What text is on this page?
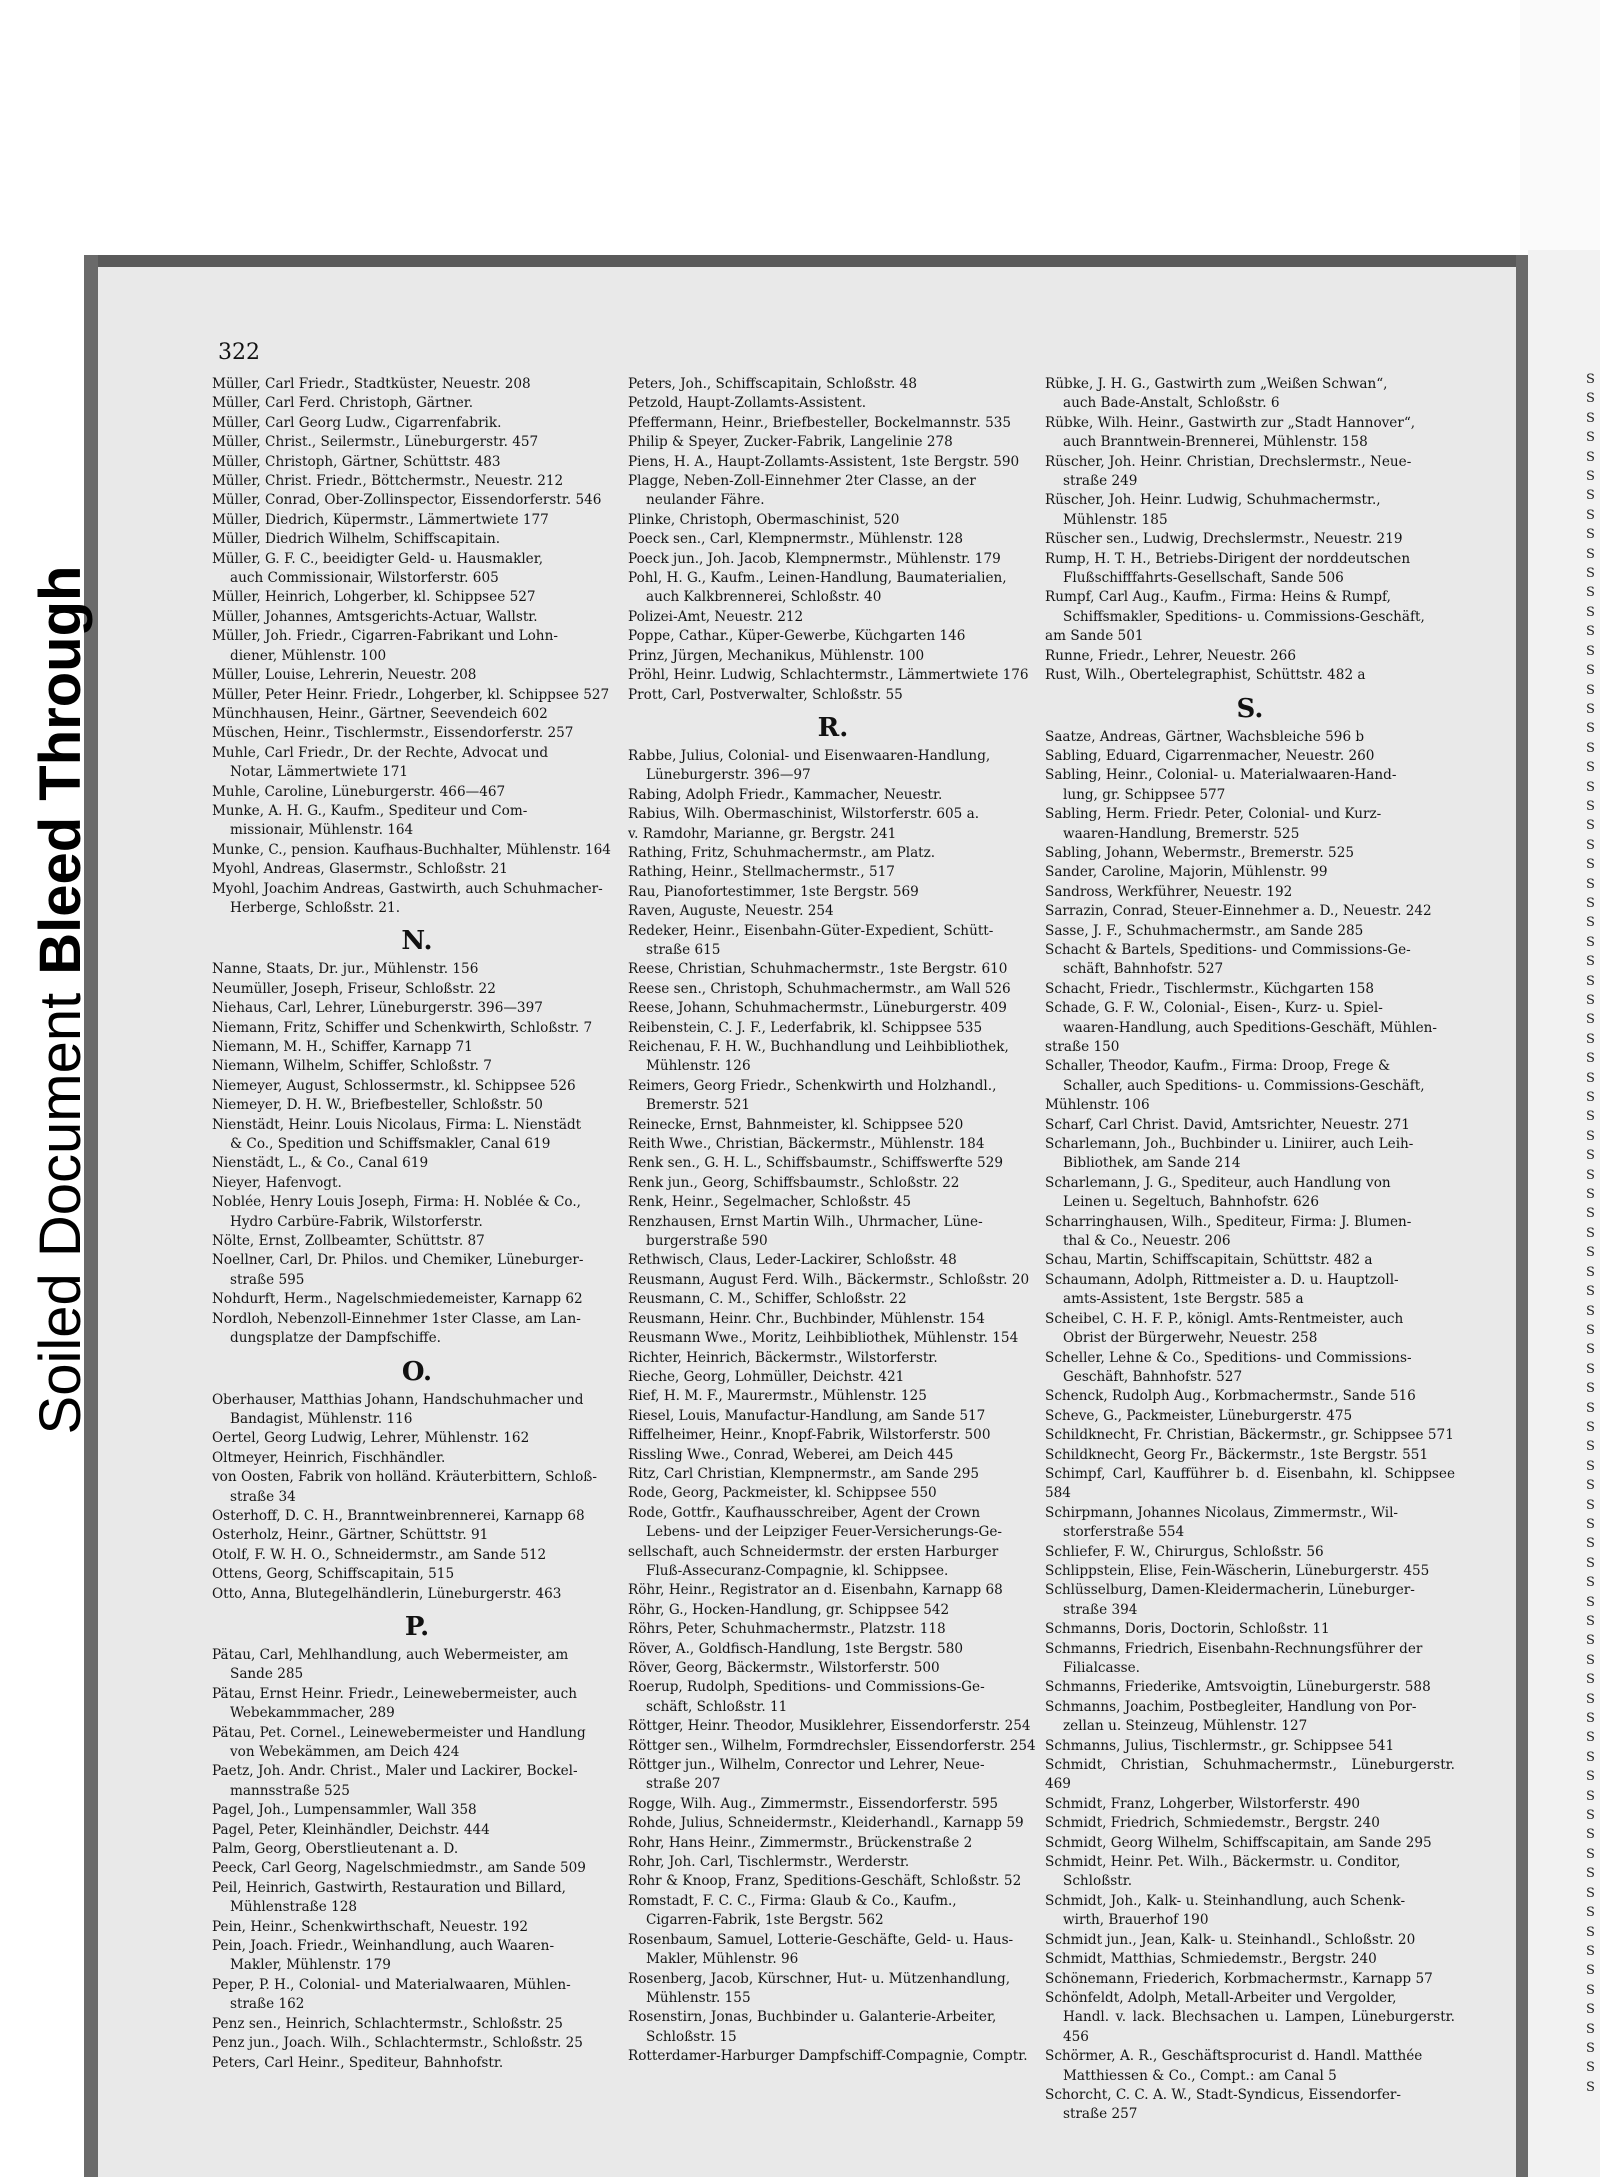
Soiled Document
Bleed Through
322

Müller, Carl Friedr., Stadtküster, Neuestr. 208

Müller, Carl Ferd. Christoph, Gärtner.

Müller, Carl Georg Ludw., Cigarrenfabrik.

Müller, Christ., Seilermstr., Lüneburgerstr. 457

Müller, Christoph, Gärtner, Schüttstr. 483

Müller, Christ. Friedr., Böttchermstr., Neuestr. 212

Müller, Conrad, Ober-Zollinspector, Eissendorferstr. 546

Müller, Diedrich, Küpermstr., Lämmertwiete 177

Müller, Diedrich Wilhelm, Schiffscapitain.

Müller, G. F. C., beeidigter Geld- u. Hausmakler,
auch Commissionair, Wilstorferstr. 605

Müller, Heinrich, Lohgerber, kl. Schippsee 527

Müller, Johannes, Amtsgerichts-Actuar, Wallstr.

Müller, Joh. Friedr., Cigarren-Fabrikant und Lohn-
diener, Mühlenstr. 100

Müller, Louise, Lehrerin, Neuestr. 208

Müller, Peter Heinr. Friedr., Lohgerber, kl. Schippsee 527

Münchhausen, Heinr., Gärtner, Seevendeich 602

Müschen, Heinr., Tischlermstr., Eissendorferstr. 257

Muhle, Carl Friedr., Dr. der Rechte, Advocat und
Notar, Lämmertwiete 171

Muhle, Caroline, Lüneburgerstr. 466—467

Munke, A. H. G., Kaufm., Spediteur und Com-
missionair, Mühlenstr. 164

Munke, C., pension. Kaufhaus-Buchhalter, Mühlenstr. 164

Myohl, Andreas, Glasermstr., Schloßstr. 21

Myohl, Joachim Andreas, Gastwirth, auch Schuhmacher-
Herberge, Schloßstr. 21.

N.

Nanne, Staats, Dr. jur., Mühlenstr. 156

Neumüller, Joseph, Friseur, Schloßstr. 22

Niehaus, Carl, Lehrer, Lüneburgerstr. 396—397

Niemann, Fritz, Schiffer und Schenkwirth, Schloßstr. 7

Niemann, M. H., Schiffer, Karnapp 71

Niemann, Wilhelm, Schiffer, Schloßstr. 7

Niemeyer, August, Schlossermstr., kl. Schippsee 526

Niemeyer, D. H. W., Briefbesteller, Schloßstr. 50

Nienstädt, Heinr. Louis Nicolaus, Firma: L. Nienstädt
& Co., Spedition und Schiffsmakler, Canal 619

Nienstädt, L., & Co., Canal 619

Nieyer, Hafenvogt.

Noblée, Henry Louis Joseph, Firma: H. Noblée & Co.,
Hydro Carbüre-Fabrik, Wilstorferstr.

Nölte, Ernst, Zollbeamter, Schüttstr. 87

Noellner, Carl, Dr. Philos. und Chemiker, Lüneburger-
straße 595

Nohdurft, Herm., Nagelschmiedemeister, Karnapp 62

Nordloh, Nebenzoll-Einnehmer 1ster Classe, am Lan-
dungsplatze der Dampfschiffe.

O.

Oberhauser, Matthias Johann, Handschuhmacher und
Bandagist, Mühlenstr. 116

Oertel, Georg Ludwig, Lehrer, Mühlenstr. 162

Oltmeyer, Heinrich, Fischhändler.

von Oosten, Fabrik von holländ. Kräuterbittern, Schloß-
straße 34

Osterhoff, D. C. H., Branntweinbrennerei, Karnapp 68

Osterholz, Heinr., Gärtner, Schüttstr. 91

Otolf, F. W. H. O., Schneidermstr., am Sande 512

Ottens, Georg, Schiffscapitain, 515

Otto, Anna, Blutegelhändlerin, Lüneburgerstr. 463

P.

Pätau, Carl, Mehlhandlung, auch Webermeister, am
Sande 285

Pätau, Ernst Heinr. Friedr., Leinewebermeister, auch
Webekammmacher, 289

Pätau, Pet. Cornel., Leinewebermeister und Handlung
von Webekämmen, am Deich 424

Paetz, Joh. Andr. Christ., Maler und Lackirer, Bockel-
mannsstraße 525

Pagel, Joh., Lumpensammler, Wall 358

Pagel, Peter, Kleinhändler, Deichstr. 444

Palm, Georg, Oberstlieutenant a. D.

Peeck, Carl Georg, Nagelschmiedmstr., am Sande 509

Peil, Heinrich, Gastwirth, Restauration und Billard,
Mühlenstraße 128

Pein, Heinr., Schenkwirthschaft, Neuestr. 192

Pein, Joach. Friedr., Weinhandlung, auch Waaren-
Makler, Mühlenstr. 179

Peper, P. H., Colonial- und Materialwaaren, Mühlen-
straße 162

Penz sen., Heinrich, Schlachtermstr., Schloßstr. 25

Penz jun., Joach. Wilh., Schlachtermstr., Schloßstr. 25

Peters, Carl Heinr., Spediteur, Bahnhofstr.

Peters, Joh., Schiffscapitain, Schloßstr. 48

Petzold, Haupt-Zollamts-Assistent.

Pfeffermann, Heinr., Briefbesteller, Bockelmannstr. 535

Philip & Speyer, Zucker-Fabrik, Langelinie 278

Piens, H. A., Haupt-Zollamts-Assistent, 1ste Bergstr. 590

Plagge, Neben-Zoll-Einnehmer 2ter Classe, an der
neulander Fähre.

Plinke, Christoph, Obermaschinist, 520

Poeck sen., Carl, Klempnermstr., Mühlenstr. 128

Poeck jun., Joh. Jacob, Klempnermstr., Mühlenstr. 179

Pohl, H. G., Kaufm., Leinen-Handlung, Baumaterialien,
auch Kalkbrennerei, Schloßstr. 40

Polizei-Amt, Neuestr. 212

Poppe, Cathar., Küper-Gewerbe, Küchgarten 146

Prinz, Jürgen, Mechanikus, Mühlenstr. 100

Pröhl, Heinr. Ludwig, Schlachtermstr., Lämmertwiete 176

Prott, Carl, Postverwalter, Schloßstr. 55

R.

Rabbe, Julius, Colonial- und Eisenwaaren-Handlung,
Lüneburgerstr. 396—97

Rabing, Adolph Friedr., Kammacher, Neuestr.

Rabius, Wilh. Obermaschinist, Wilstorferstr. 605 a.

v. Ramdohr, Marianne, gr. Bergstr. 241

Rathing, Fritz, Schuhmachermstr., am Platz.

Rathing, Heinr., Stellmachermstr., 517

Rau, Pianofortestimmer, 1ste Bergstr. 569

Raven, Auguste, Neuestr. 254

Redeker, Heinr., Eisenbahn-Güter-Expedient, Schütt-
straße 615

Reese, Christian, Schuhmachermstr., 1ste Bergstr. 610

Reese sen., Christoph, Schuhmachermstr., am Wall 526

Reese, Johann, Schuhmachermstr., Lüneburgerstr. 409

Reibenstein, C. J. F., Lederfabrik, kl. Schippsee 535

Reichenau, F. H. W., Buchhandlung und Leihbibliothek,
Mühlenstr. 126

Reimers, Georg Friedr., Schenkwirth und Holzhandl.,
Bremerstr. 521

Reinecke, Ernst, Bahnmeister, kl. Schippsee 520

Reith Wwe., Christian, Bäckermstr., Mühlenstr. 184

Renk sen., G. H. L., Schiffsbaumstr., Schiffswerfte 529

Renk jun., Georg, Schiffsbaumstr., Schloßstr. 22

Renk, Heinr., Segelmacher, Schloßstr. 45

Renzhausen, Ernst Martin Wilh., Uhrmacher, Lüne-
burgerstraße 590

Rethwisch, Claus, Leder-Lackirer, Schloßstr. 48

Reusmann, August Ferd. Wilh., Bäckermstr., Schloßstr. 20

Reusmann, C. M., Schiffer, Schloßstr. 22

Reusmann, Heinr. Chr., Buchbinder, Mühlenstr. 154

Reusmann Wwe., Moritz, Leihbibliothek, Mühlenstr. 154

Richter, Heinrich, Bäckermstr., Wilstorferstr.

Rieche, Georg, Lohmüller, Deichstr. 421

Rief, H. M. F., Maurermstr., Mühlenstr. 125

Riesel, Louis, Manufactur-Handlung, am Sande 517

Riffelheimer, Heinr., Knopf-Fabrik, Wilstorferstr. 500

Rissling Wwe., Conrad, Weberei, am Deich 445

Ritz, Carl Christian, Klempnermstr., am Sande 295

Rode, Georg, Packmeister, kl. Schippsee 550

Rode, Gottfr., Kaufhausschreiber, Agent der Crown
Lebens- und der Leipziger Feuer-Versicherungs-Ge-

sellschaft, auch Schneidermstr. der ersten Harburger
Fluß-Assecuranz-Compagnie, kl. Schippsee.

Röhr, Heinr., Registrator an d. Eisenbahn, Karnapp 68

Röhr, G., Hocken-Handlung, gr. Schippsee 542

Röhrs, Peter, Schuhmachermstr., Platzstr. 118

Röver, A., Goldfisch-Handlung, 1ste Bergstr. 580

Röver, Georg, Bäckermstr., Wilstorferstr. 500

Roerup, Rudolph, Speditions- und Commissions-Ge-
schäft, Schloßstr. 11

Röttger, Heinr. Theodor, Musiklehrer, Eissendorferstr. 254

Röttger sen., Wilhelm, Formdrechsler, Eissendorferstr. 254

Röttger jun., Wilhelm, Conrector und Lehrer, Neue-
straße 207

Rogge, Wilh. Aug., Zimmermstr., Eissendorferstr. 595

Rohde, Julius, Schneidermstr., Kleiderhandl., Karnapp 59

Rohr, Hans Heinr., Zimmermstr., Brückenstraße 2

Rohr, Joh. Carl, Tischlermstr., Werderstr.

Rohr & Knoop, Franz, Speditions-Geschäft, Schloßstr. 52

Romstadt, F. C. C., Firma: Glaub & Co., Kaufm.,
Cigarren-Fabrik, 1ste Bergstr. 562

Rosenbaum, Samuel, Lotterie-Geschäfte, Geld- u. Haus-
Makler, Mühlenstr. 96

Rosenberg, Jacob, Kürschner, Hut- u. Mützenhandlung,
Mühlenstr. 155

Rosenstirn, Jonas, Buchbinder u. Galanterie-Arbeiter,
Schloßstr. 15

Rotterdamer-Harburger Dampfschiff-Compagnie, Comptr.

Rübke, J. H. G., Gastwirth zum „Weißen Schwan“,
auch Bade-Anstalt, Schloßstr. 6

Rübke, Wilh. Heinr., Gastwirth zur „Stadt Hannover“,
auch Branntwein-Brennerei, Mühlenstr. 158

Rüscher, Joh. Heinr. Christian, Drechslermstr., Neue-
straße 249

Rüscher, Joh. Heinr. Ludwig, Schuhmachermstr.,
Mühlenstr. 185

Rüscher sen., Ludwig, Drechslermstr., Neuestr. 219

Rump, H. T. H., Betriebs-Dirigent der norddeutschen
Flußschifffahrts-Gesellschaft, Sande 506

Rumpf, Carl Aug., Kaufm., Firma: Heins & Rumpf,
Schiffsmakler, Speditions- u. Commissions-Geschäft,

am Sande 501

Runne, Friedr., Lehrer, Neuestr. 266

Rust, Wilh., Obertelegraphist, Schüttstr. 482 a

S.

Saatze, Andreas, Gärtner, Wachsbleiche 596 b

Sabling, Eduard, Cigarrenmacher, Neuestr. 260

Sabling, Heinr., Colonial- u. Materialwaaren-Hand-
lung, gr. Schippsee 577

Sabling, Herm. Friedr. Peter, Colonial- und Kurz-
waaren-Handlung, Bremerstr. 525

Sabling, Johann, Webermstr., Bremerstr. 525

Sander, Caroline, Majorin, Mühlenstr. 99

Sandross, Werkführer, Neuestr. 192

Sarrazin, Conrad, Steuer-Einnehmer a. D., Neuestr. 242

Sasse, J. F., Schuhmachermstr., am Sande 285

Schacht & Bartels, Speditions- und Commissions-Ge-
schäft, Bahnhofstr. 527

Schacht, Friedr., Tischlermstr., Küchgarten 158

Schade, G. F. W., Colonial-, Eisen-, Kurz- u. Spiel-
waaren-Handlung, auch Speditions-Geschäft, Mühlen-

straße 150

Schaller, Theodor, Kaufm., Firma: Droop, Frege &
Schaller, auch Speditions- u. Commissions-Geschäft,

Mühlenstr. 106

Scharf, Carl Christ. David, Amtsrichter, Neuestr. 271

Scharlemann, Joh., Buchbinder u. Liniirer, auch Leih-
Bibliothek, am Sande 214

Scharlemann, J. G., Spediteur, auch Handlung von
Leinen u. Segeltuch, Bahnhofstr. 626

Scharringhausen, Wilh., Spediteur, Firma: J. Blumen-
thal & Co., Neuestr. 206

Schau, Martin, Schiffscapitain, Schüttstr. 482 a

Schaumann, Adolph, Rittmeister a. D. u. Hauptzoll-
amts-Assistent, 1ste Bergstr. 585 a

Scheibel, C. H. F. P., königl. Amts-Rentmeister, auch
Obrist der Bürgerwehr, Neuestr. 258

Scheller, Lehne & Co., Speditions- und Commissions-
Geschäft, Bahnhofstr. 527

Schenck, Rudolph Aug., Korbmachermstr., Sande 516

Scheve, G., Packmeister, Lüneburgerstr. 475

Schildknecht, Fr. Christian, Bäckermstr., gr. Schippsee 571

Schildknecht, Georg Fr., Bäckermstr., 1ste Bergstr. 551

Schimpf, Carl, Kaufführer b. d. Eisenbahn, kl. Schippsee 584

Schirpmann, Johannes Nicolaus, Zimmermstr., Wil-
storferstraße 554

Schliefer, F. W., Chirurgus, Schloßstr. 56

Schlippstein, Elise, Fein-Wäscherin, Lüneburgerstr. 455

Schlüsselburg, Damen-Kleidermacherin, Lüneburger-
straße 394

Schmanns, Doris, Doctorin, Schloßstr. 11

Schmanns, Friedrich, Eisenbahn-Rechnungsführer der
Filialcasse.

Schmanns, Friederike, Amtsvoigtin, Lüneburgerstr. 588

Schmanns, Joachim, Postbegleiter, Handlung von Por-
zellan u. Steinzeug, Mühlenstr. 127

Schmanns, Julius, Tischlermstr., gr. Schippsee 541

Schmidt, Christian, Schuhmachermstr., Lüneburgerstr. 469

Schmidt, Franz, Lohgerber, Wilstorferstr. 490

Schmidt, Friedrich, Schmiedemstr., Bergstr. 240

Schmidt, Georg Wilhelm, Schiffscapitain, am Sande 295

Schmidt, Heinr. Pet. Wilh., Bäckermstr. u. Conditor,
Schloßstr.

Schmidt, Joh., Kalk- u. Steinhandlung, auch Schenk-
wirth, Brauerhof 190

Schmidt jun., Jean, Kalk- u. Steinhandl., Schloßstr. 20

Schmidt, Matthias, Schmiedemstr., Bergstr. 240

Schönemann, Friederich, Korbmachermstr., Karnapp 57

Schönfeldt, Adolph, Metall-Arbeiter und Vergolder,
Handl. v. lack. Blechsachen u. Lampen, Lüneburgerstr. 456

Schörmer, A. R., Geschäftsprocurist d. Handl. Matthée
Matthiessen & Co., Compt.: am Canal 5

Schorcht, C. C. A. W., Stadt-Syndicus, Eissendorfer-
straße 257

S
S
S
S
S
S
S
S
S
S
S
S
S
S
S
S
S
S
S
S
S
S
S
S
S
S
S
S
S
S
S
S
S
S
S
S
S
S
S
S
S
S
S
S
S
S
S
S
S
S
S
S
S
S
S
S
S
S
S
S
S
S
S
S
S
S
S
S
S
S
S
S
S
S
S
S
S
S
S
S
S
S
S
S
S
S
S
S
S
